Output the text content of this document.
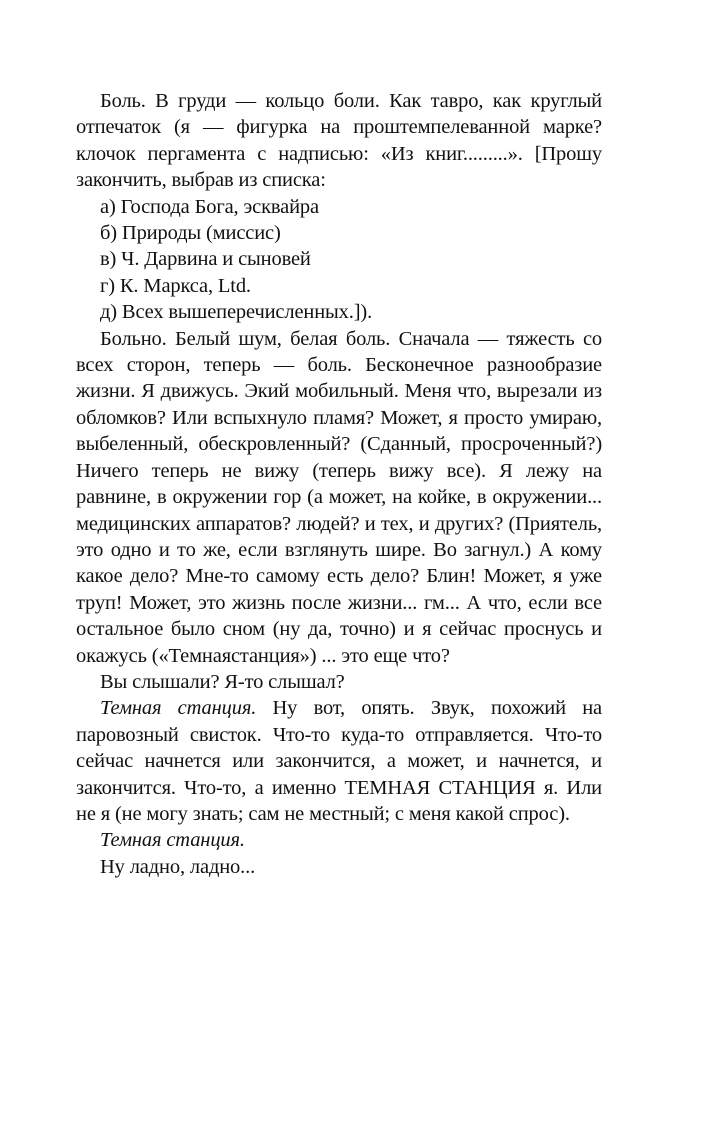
Боль. В груди — кольцо боли. Как тавро, как круглый отпечаток (я — фигурка на проштемпелеванной марке? клочок пергамента с надписью: «Из книг.........». [Прошу закончить, выбрав из списка:

а) Господа Бога, эсквайра

б) Природы (миссис)

в) Ч. Дарвина и сыновей

г) К. Маркса, Ltd.

д) Всех вышеперечисленных.]).

Больно. Белый шум, белая боль. Сначала — тяжесть со всех сторон, теперь — боль. Бесконечное разнообразие жизни. Я движусь. Экий мобильный. Меня что, вырезали из обломков? Или вспыхнуло пламя? Может, я просто умираю, выбеленный, обескровленный? (Сданный, просроченный?) Ничего теперь не вижу (теперь вижу все). Я лежу на равнине, в окружении гор (а может, на койке, в окружении... медицинских аппаратов? людей? и тех, и других? (Приятель, это одно и то же, если взглянуть шире. Во загнул.) А кому какое дело? Мне-то самому есть дело? Блин! Может, я уже труп! Может, это жизнь после жизни... гм... А что, если все остальное было сном (ну да, точно) и я сейчас проснусь и окажусь («Темнаястанция») ... это еще что?

Вы слышали? Я-то слышал?

Темная станция. Ну вот, опять. Звук, похожий на паровозный свисток. Что-то куда-то отправляется. Что-то сейчас начнется или закончится, а может, и начнется, и закончится. Что-то, а именно ТЕМНАЯ СТАНЦИЯ я. Или не я (не могу знать; сам не местный; с меня какой спрос).

Темная станция.

Ну ладно, ладно...
